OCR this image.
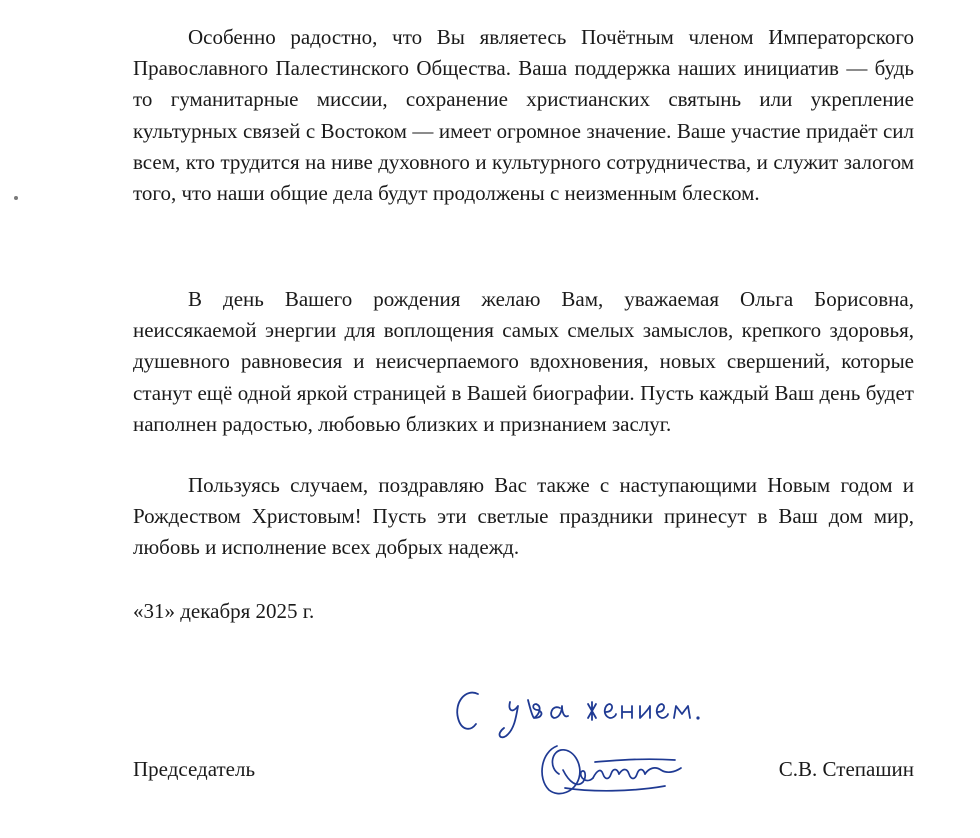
Особенно радостно, что Вы являетесь Почётным членом Императорского Православного Палестинского Общества. Ваша поддержка наших инициатив — будь то гуманитарные миссии, сохранение христианских святынь или укрепление культурных связей с Востоком — имеет огромное значение. Ваше участие придаёт сил всем, кто трудится на ниве духовного и культурного сотрудничества, и служит залогом того, что наши общие дела будут продолжены с неизменным блеском.

В день Вашего рождения желаю Вам, уважаемая Ольга Борисовна, неиссякаемой энергии для воплощения самых смелых замыслов, крепкого здоровья, душевного равновесия и неисчерпаемого вдохновения, новых свершений, которые станут ещё одной яркой страницей в Вашей биографии. Пусть каждый Ваш день будет наполнен радостью, любовью близких и признанием заслуг.

Пользуясь случаем, поздравляю Вас также с наступающими Новым годом и Рождеством Христовым! Пусть эти светлые праздники принесут в Ваш дом мир, любовь и исполнение всех добрых надежд.

«31» декабря 2025 г.

Председатель	С.В. Степашин
